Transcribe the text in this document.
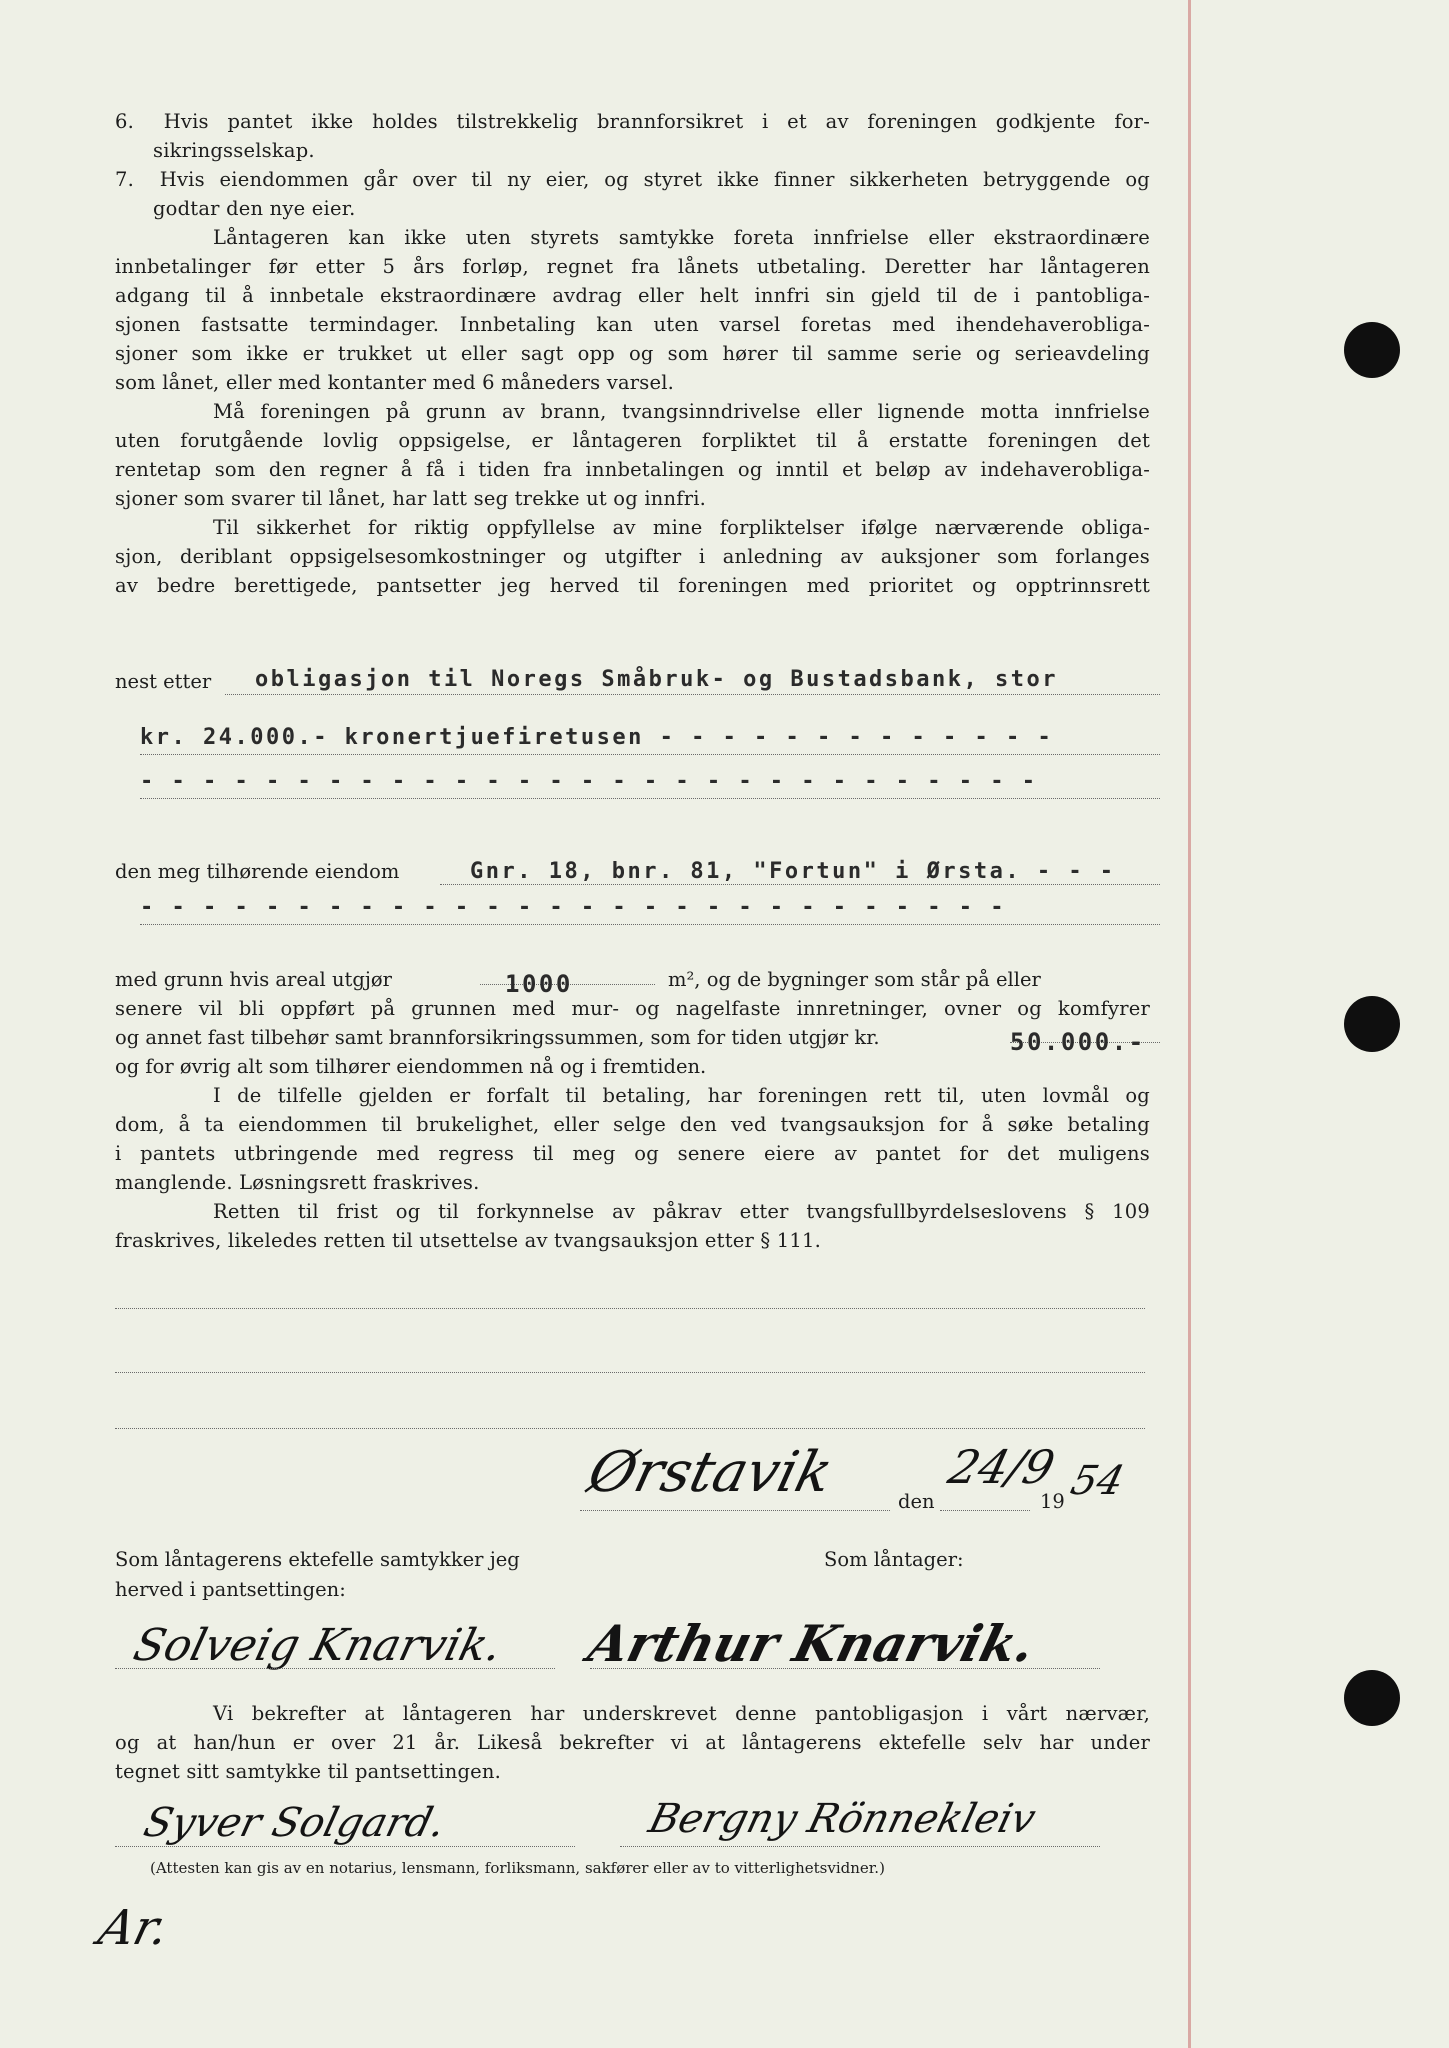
6. Hvis pantet ikke holdes tilstrekkelig brannforsikret i et av foreningen godkjente for-
sikringsselskap.
7. Hvis eiendommen går over til ny eier, og styret ikke finner sikkerheten betryggende og
godtar den nye eier.
Låntageren kan ikke uten styrets samtykke foreta innfrielse eller ekstraordinære
innbetalinger før etter 5 års forløp, regnet fra lånets utbetaling. Deretter har låntageren
adgang til å innbetale ekstraordinære avdrag eller helt innfri sin gjeld til de i pantobliga-
sjonen fastsatte termindager. Innbetaling kan uten varsel foretas med ihendehaverobliga-
sjoner som ikke er trukket ut eller sagt opp og som hører til samme serie og serieavdeling
som lånet, eller med kontanter med 6 måneders varsel.
Må foreningen på grunn av brann, tvangsinndrivelse eller lignende motta innfrielse
uten forutgående lovlig oppsigelse, er låntageren forpliktet til å erstatte foreningen det
rentetap som den regner å få i tiden fra innbetalingen og inntil et beløp av indehaverobliga-
sjoner som svarer til lånet, har latt seg trekke ut og innfri.
Til sikkerhet for riktig oppfyllelse av mine forpliktelser ifølge nærværende obliga-
sjon, deriblant oppsigelsesomkostninger og utgifter i anledning av auksjoner som forlanges
av bedre berettigede, pantsetter jeg herved til foreningen med prioritet og opptrinnsrett
nest etter obligasjon til Noregs Småbruk- og Bustadsbank, stor
kr. 24.000.- kronertjuefiretusen - - - - - - - - - - - - -
- - - - - - - - - - - - - - - - - - - - - - - - - - - - -
den meg tilhørende eiendom	Gnr. 18, bnr. 81, "Fortun" i Ørsta. - - -
- - - - - - - - - - - - - - - - - - - - - - - - - - - -
med grunn hvis areal utgjør	1000	m², og de bygninger som står på eller
senere vil bli oppført på grunnen med mur- og nagelfaste innretninger, ovner og komfyrer
og annet fast tilbehør samt brannforsikringssummen, som for tiden utgjør kr.	50.000.-
og for øvrig alt som tilhører eiendommen nå og i fremtiden.
I de tilfelle gjelden er forfalt til betaling, har foreningen rett til, uten lovmål og
dom, å ta eiendommen til brukelighet, eller selge den ved tvangsauksjon for å søke betaling
i pantets utbringende med regress til meg og senere eiere av pantet for det muligens
manglende. Løsningsrett fraskrives.
Retten til frist og til forkynnelse av påkrav etter tvangsfullbyrdelseslovens § 109
fraskrives, likeledes retten til utsettelse av tvangsauksjon etter § 111.
Ørstavik	den
24/9
19 54
Som låntagerens ektefelle samtykker jeg
herved i pantsettingen:
Som låntager:
Solveig Knarvik. Arthur Knarvik.
Vi bekrefter at låntageren har underskrevet denne pantobligasjon i vårt nærvær,
og at han/hun er over 21 år. Likeså bekrefter vi at låntagerens ektefelle selv har under
tegnet sitt samtykke til pantsettingen.
Syver Solgard.	Bergny Rönnekleiv
(Attesten kan gis av en notarius, lensmann, forliksmann, sakfører eller av to vitterlighetsvidner.)
Ar.
